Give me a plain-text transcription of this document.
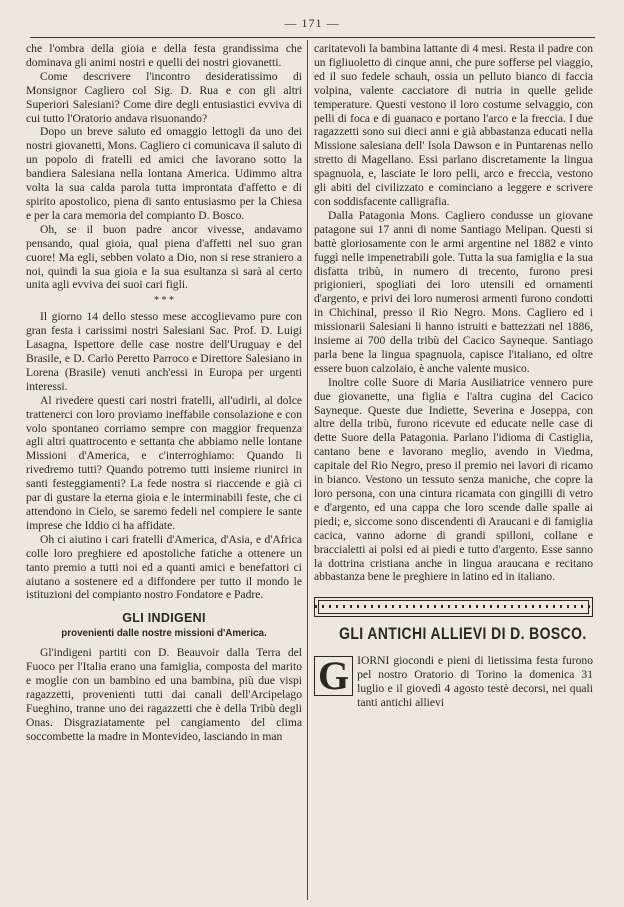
— 171 —

che l'ombra della gioia e della festa grandissima che dominava gli animi nostri e quelli dei nostri giovanetti.

Come descrivere l'incontro desideratissimo di Monsignor Cagliero col Sig. D. Rua e con gli altri Superiori Salesiani? Come dire degli entusiastici evviva di cui tutto l'Oratorio andava risuonando?

Dopo un breve saluto ed omaggio lettogli da uno dei nostri giovanetti, Mons. Cagliero ci comunicava il saluto di un popolo di fratelli ed amici che lavorano sotto la bandiera Salesiana nella lontana America. Udimmo altra volta la sua calda parola tutta improntata d'affetto e di spirito apostolico, piena di santo entusiasmo per la Chiesa e per la cara memoria del compianto D. Bosco.

Oh, se il buon padre ancor vivesse, andavamo pensando, qual gioia, qual piena d'affetti nel suo gran cuore! Ma egli, sebben volato a Dio, non si rese straniero a noi, quindi la sua gioia e la sua esultanza si sarà al certo unita agli evviva dei suoi cari figli.

* * *

Il giorno 14 dello stesso mese accoglievamo pure con gran festa i carissimi nostri Salesiani Sac. Prof. D. Luigi Lasagna, Ispettore delle case nostre dell'Uruguay e del Brasile, e D. Carlo Peretto Parroco e Direttore Salesiano in Lorena (Brasile) venuti anch'essi in Europa per urgenti interessi.

Al rivedere questi cari nostri fratelli, all'udirli, al dolce trattenerci con loro proviamo ineffabile consolazione e con volo spontaneo corriamo sempre con maggior frequenza agli altri quattrocento e settanta che abbiamo nelle lontane Missioni d'America, e c'interroghiamo: Quando li rivedremo tutti? Quando potremo tutti insieme riunirci in santi festeggiamenti? La fede nostra si riaccende e già ci par di gustare la eterna gioia e le interminabili feste, che ci attendono in Cielo, se saremo fedeli nel compiere le sante imprese che Iddio ci ha affidate.

Oh ci aiutino i cari fratelli d'America, d'Asia, e d'Africa colle loro preghiere ed apostoliche fatiche a ottenere un tanto premio a tutti noi ed a quanti amici e benefattori ci aiutano a sostenere ed a diffondere per tutto il mondo le istituzioni del compianto nostro Fondatore e Padre.

GLI INDIGENI
provenienti dalle nostre missioni d'America.

Gl'indigeni partiti con D. Beauvoir dalla Terra del Fuoco per l'Italia erano una famiglia, composta del marito e moglie con un bambino ed una bambina, più due vispi ragazzetti, provenienti tutti dai canali dell'Arcipelago Fueghino, tranne uno dei ragazzetti che è della Tribù degli Onas. Disgraziatamente pel cangiamento del clima soccombette la madre in Montevideo, lasciando in man

caritatevoli la bambina lattante di 4 mesi. Resta il padre con un figliuoletto di cinque anni, che pure sofferse pel viaggio, ed il suo fedele schauh, ossia un pelluto bianco di faccia volpina, valente cacciatore di nutria in quelle gelide temperature. Questi vestono il loro costume selvaggio, con pelli di foca e di guanaco e portano l'arco e la freccia. I due ragazzetti sono sui dieci anni e già abbastanza educati nella Missione salesiana dell' Isola Dawson e in Puntarenas nello stretto di Magellano. Essi parlano discretamente la lingua spagnuola, e, lasciate le loro pelli, arco e freccia, vestono gli abiti del civilizzato e cominciano a leggere e scrivere con soddisfacente calligrafia.

Dalla Patagonia Mons. Cagliero condusse un giovane patagone sui 17 anni di nome Santiago Melipan. Questi si battè gloriosamente con le armi argentine nel 1882 e vinto fuggì nelle impenetrabili gole. Tutta la sua famiglia e la sua disfatta tribù, in numero di trecento, furono presi prigionieri, spogliati dei loro utensili ed ornamenti d'argento, e privi dei loro numerosi armenti furono condotti in Chichinal, presso il Rio Negro. Mons. Cagliero ed i missionarii Salesiani li hanno istruiti e battezzati nel 1886, insieme ai 700 della tribù del Cacico Sayneque. Santiago parla bene la lingua spagnuola, capisce l'italiano, ed oltre essere buon calzolaio, è anche valente musico.

Inoltre colle Suore di Maria Ausiliatrice vennero pure due giovanette, una figlia e l'altra cugina del Cacico Sayneque. Queste due Indiette, Severina e Joseppa, con altre della tribù, furono ricevute ed educate nelle case di dette Suore della Patagonia. Parlano l'idioma di Castiglia, cantano bene e lavorano meglio, avendo in Viedma, capitale del Rio Negro, preso il premio nei lavori di ricamo in bianco. Vestono un tessuto senza maniche, che copre la loro persona, con una cintura ricamata con gingilli di vetro e d'argento, ed una cappa che loro scende dalle spalle ai piedi; e, siccome sono discendenti di Araucani e di famiglia cacica, vanno adorne di grandi spilloni, collane e braccialetti ai polsi ed ai piedi e tutto d'argento. Esse sanno la dottrina cristiana anche in lingua araucana e recitano abbastanza bene le preghiere in latino ed in italiano.

GLI ANTICHI ALLIEVI DI D. BOSCO.

G IORNI giocondi e pieni di lietissima festa furono pel nostro Oratorio di Torino la domenica 31 luglio e il giovedì 4 agosto testè decorsi, nei quali tanti antichi allievi
